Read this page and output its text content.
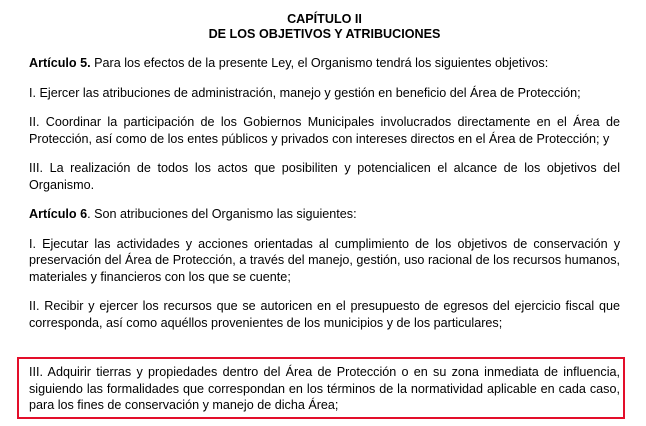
CAPÍTULO II
DE LOS OBJETIVOS Y ATRIBUCIONES

Artículo 5. Para los efectos de la presente Ley, el Organismo tendrá los siguientes objetivos:

I. Ejercer las atribuciones de administración, manejo y gestión en beneficio del Área de Protección;

II. Coordinar la participación de los Gobiernos Municipales involucrados directamente en el Área de Protección, así como de los entes públicos y privados con intereses directos en el Área de Protección; y

III. La realización de todos los actos que posibiliten y potencialicen el alcance de los objetivos del Organismo.

Artículo 6. Son atribuciones del Organismo las siguientes:

I. Ejecutar las actividades y acciones orientadas al cumplimiento de los objetivos de conservación y preservación del Área de Protección, a través del manejo, gestión, uso racional de los recursos humanos, materiales y financieros con los que se cuente;

II. Recibir y ejercer los recursos que se autoricen en el presupuesto de egresos del ejercicio fiscal que corresponda, así como aquéllos provenientes de los municipios y de los particulares;

III. Adquirir tierras y propiedades dentro del Área de Protección o en su zona inmediata de influencia, siguiendo las formalidades que correspondan en los términos de la normatividad aplicable en cada caso, para los fines de conservación y manejo de dicha Área;
